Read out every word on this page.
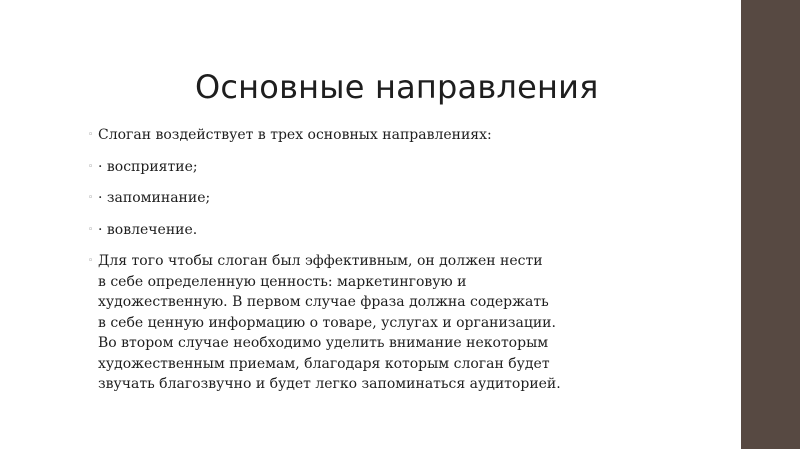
Основные направления
◦ Слоган воздействует в трех основных направлениях:
◦ · восприятие;
◦ · запоминание;
◦ · вовлечение.
◦ Для того чтобы слоган был эффективным, он должен нести
в себе определенную ценность: маркетинговую и
художественную. В первом случае фраза должна содержать
в себе ценную информацию о товаре, услугах и организации.
Во втором случае необходимо уделить внимание некоторым
художественным приемам, благодаря которым слоган будет
звучать благозвучно и будет легко запоминаться аудиторией.
